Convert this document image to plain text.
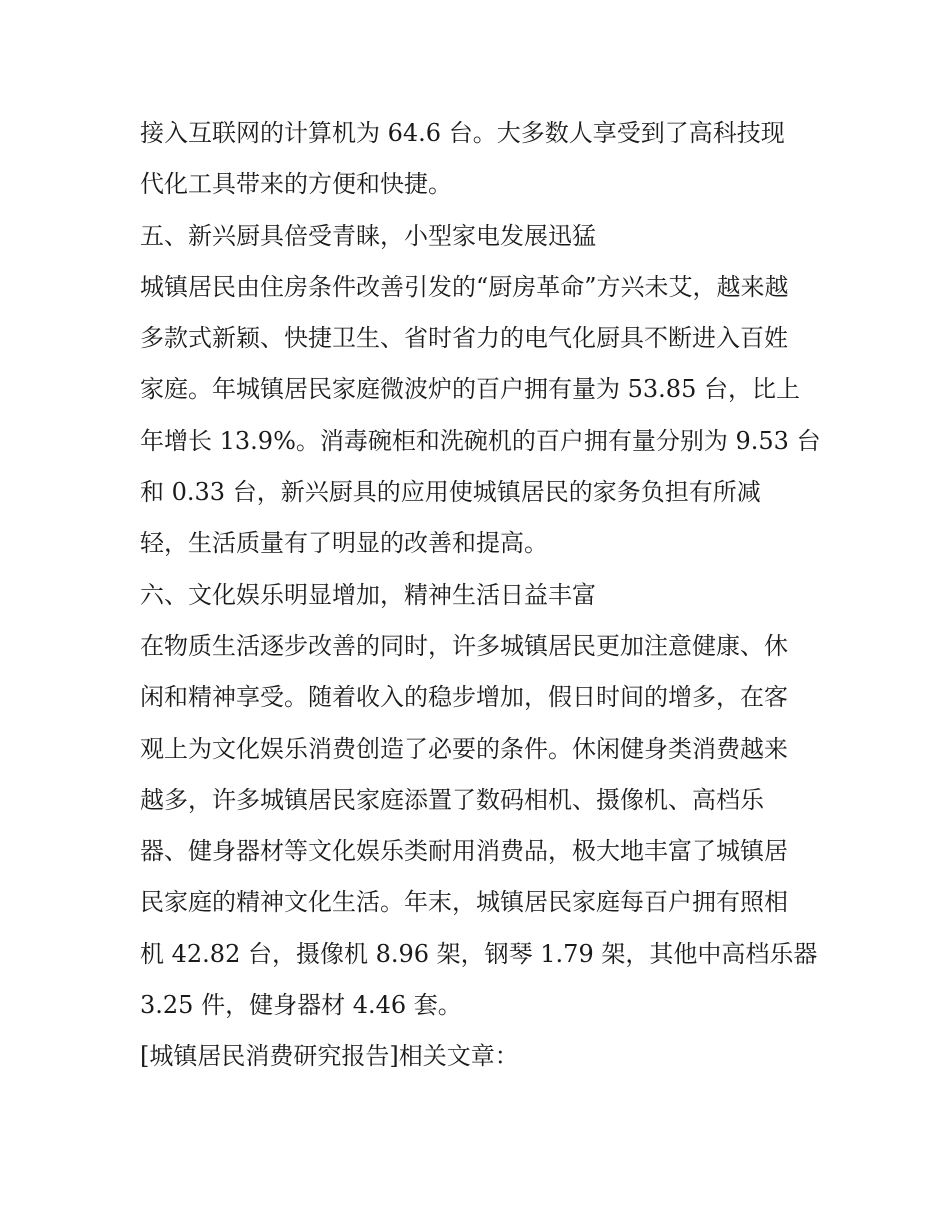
接入互联网的计算机为 64.6 台。大多数人享受到了高科技现
代化工具带来的方便和快捷。
五、新兴厨具倍受青睐，小型家电发展迅猛
城镇居民由住房条件改善引发的“厨房革命”方兴未艾，越来越
多款式新颖、快捷卫生、省时省力的电气化厨具不断进入百姓
家庭。年城镇居民家庭微波炉的百户拥有量为 53.85 台，比上
年增长 13.9%。消毒碗柜和洗碗机的百户拥有量分别为 9.53 台
和 0.33 台，新兴厨具的应用使城镇居民的家务负担有所减
轻，生活质量有了明显的改善和提高。
六、文化娱乐明显增加，精神生活日益丰富
在物质生活逐步改善的同时，许多城镇居民更加注意健康、休
闲和精神享受。随着收入的稳步增加，假日时间的增多，在客
观上为文化娱乐消费创造了必要的条件。休闲健身类消费越来
越多，许多城镇居民家庭添置了数码相机、摄像机、高档乐
器、健身器材等文化娱乐类耐用消费品，极大地丰富了城镇居
民家庭的精神文化生活。年末，城镇居民家庭每百户拥有照相
机 42.82 台，摄像机 8.96 架，钢琴 1.79 架，其他中高档乐器
3.25 件，健身器材 4.46 套。
[城镇居民消费研究报告]相关文章：
